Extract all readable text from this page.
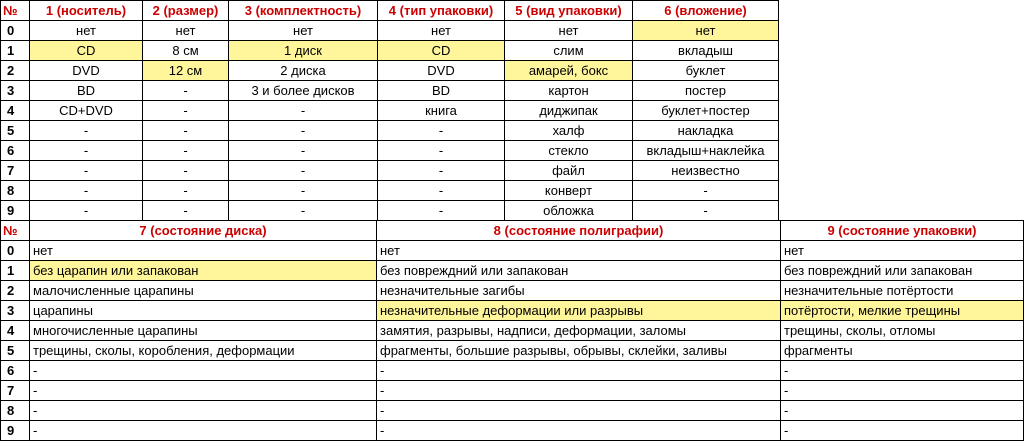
№	1 (носитель)	2 (размер)	3 (комплектность)	4 (тип упаковки)	5 (вид упаковки)	6 (вложение)
0	нет	нет	нет	нет	нет	нет
1	CD	8 см	1 диск	CD	слим	вкладыш
2	DVD	12 см	2 диска	DVD	амарей, бокс	буклет
3	BD	-	3 и более дисков	BD	картон	постер
4	CD+DVD	-	-	книга	диджипак	буклет+постер
5	-	-	-	-	халф	накладка
6	-	-	-	-	стекло	вкладыш+наклейка
7	-	-	-	-	файл	неизвестно
8	-	-	-	-	конверт	-
9	-	-	-	-	обложка	-
№	7 (состояние диска)	8 (состояние полиграфии)	9 (состояние упаковки)
0	нет	нет	нет
1	без царапин или запакован	без повреждний или запакован	без повреждний или запакован
2	малочисленные царапины	незначительные загибы	незначительные потёртости
3	царапины	незначительные деформации или разрывы	потёртости, мелкие трещины
4	многочисленные царапины	замятия, разрывы, надписи, деформации, заломы	трещины, сколы, отломы
5	трещины, сколы, коробления, деформации	фрагменты, большие разрывы, обрывы, склейки, заливы	фрагменты
6	-	-	-
7	-	-	-
8	-	-	-
9	-	-	-
